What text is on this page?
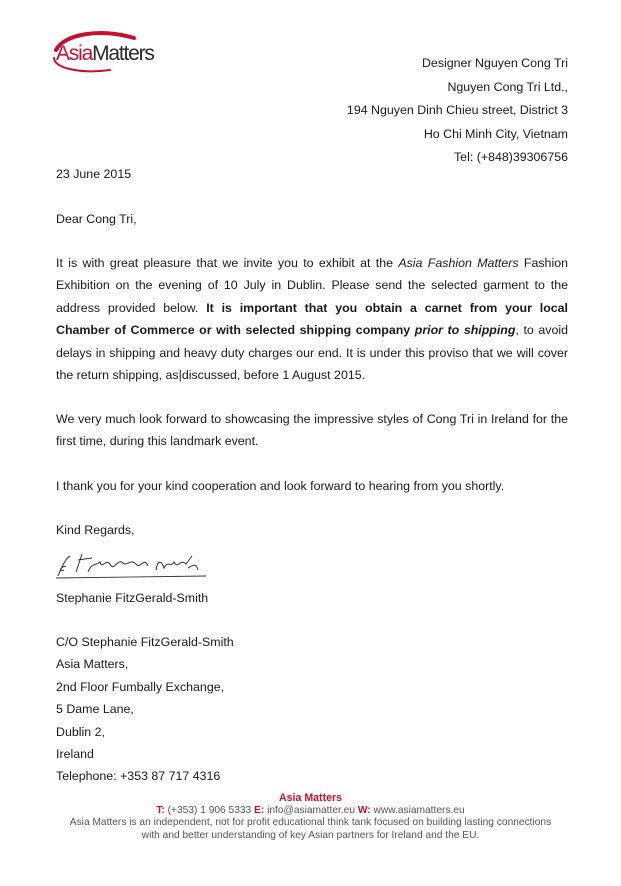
AsiaMatters	Designer Nguyen Cong Tri
Nguyen Cong Tri Ltd.,
194 Nguyen Dinh Chieu street, District 3
Ho Chi Minh City, Vietnam
Tel: (+848)39306756
23 June 2015
Dear Cong Tri,
It is with great pleasure that we invite you to exhibit at the Asia Fashion Matters Fashion Exhibition on the evening of 10 July in Dublin. Please send the selected garment to the address provided below. It is important that you obtain a carnet from your local Chamber of Commerce or with selected shipping company prior to shipping, to avoid delays in shipping and heavy duty charges our end. It is under this proviso that we will cover the return shipping, as|discussed, before 1 August 2015.
We very much look forward to showcasing the impressive styles of Cong Tri in Ireland for the first time, during this landmark event.
I thank you for your kind cooperation and look forward to hearing from you shortly.
Kind Regards,
Stephanie FitzGerald-Smith
C/O Stephanie FitzGerald-Smith
Asia Matters,
2nd Floor Fumbally Exchange,
5 Dame Lane,
Dublin 2,
Ireland
Telephone: +353 87 717 4316
Asia Matters
T: (+353) 1 906 5333 E: info@asiamatter.eu W: www.asiamatters.eu
Asia Matters is an independent, not for profit educational think tank focused on building lasting connections
with and better understanding of key Asian partners for Ireland and the EU.
